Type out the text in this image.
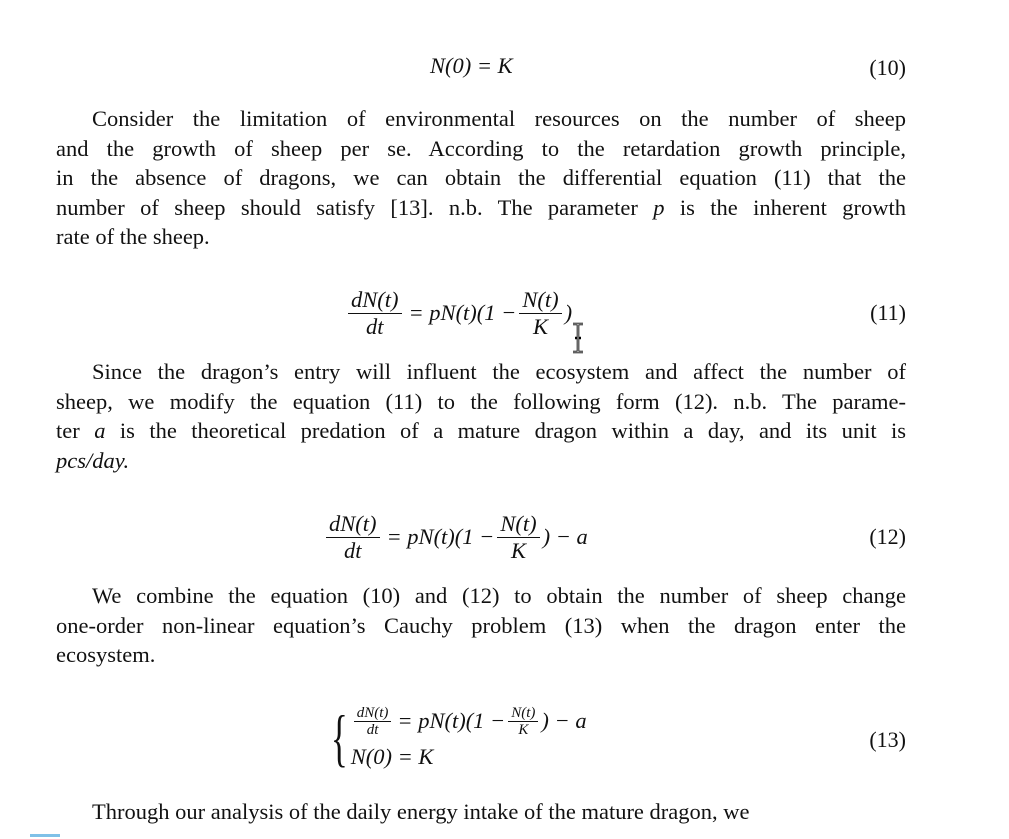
N(0) = K	(10)
Consider the limitation of environmental resources on the number of sheep
and the growth of sheep per se. According to the retardation growth principle,
in the absence of dragons, we can obtain the differential equation (11) that the
number of sheep should satisfy [13]. n.b. The parameter p is the inherent growth
rate of the sheep.
$\frac{dN(t)}{dt} = pN(t)(1 - \frac{N(t)}{K}$ )	(11)
Since the dragon’s entry will influent the ecosystem and affect the number of
sheep, we modify the equation (11) to the following form (12). n.b. The parame-
ter a is the theoretical predation of a mature dragon within a day, and its unit is
pcs/day.
$\frac{dN(t)}{dt} = pN(t)(1 - \frac{N(t)}{K}$ ) − a	(12)
We combine the equation (10) and (12) to obtain the number of sheep change
one-order non-linear equation’s Cauchy problem (13) when the dragon enter the
ecosystem.
{ $\frac{dN(t)}{dt} = pN(t)(1 - \frac{N(t)}{K}$ ) − a
N(0) = K
(13)
Through our analysis of the daily energy intake of the mature dragon, we
